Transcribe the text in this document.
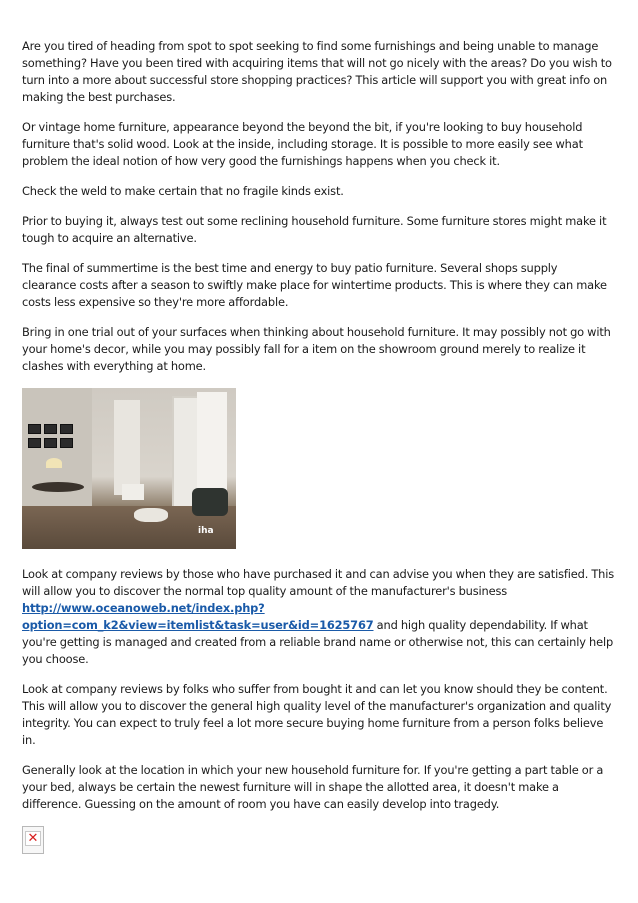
Are you tired of heading from spot to spot seeking to find some furnishings and being unable to manage something? Have you been tired with acquiring items that will not go nicely with the areas? Do you wish to turn into a more about successful store shopping practices? This article will support you with great info on making the best purchases.

Or vintage home furniture, appearance beyond the beyond the bit, if you're looking to buy household furniture that's solid wood. Look at the inside, including storage. It is possible to more easily see what problem the ideal notion of how very good the furnishings happens when you check it.

Check the weld to make certain that no fragile kinds exist.

Prior to buying it, always test out some reclining household furniture. Some furniture stores might make it tough to acquire an alternative.

The final of summertime is the best time and energy to buy patio furniture. Several shops supply clearance costs after a season to swiftly make place for wintertime products. This is where they can make costs less expensive so they're more affordable.

Bring in one trial out of your surfaces when thinking about household furniture. It may possibly not go with your home's decor, while you may possibly fall for a item on the showroom ground merely to realize it clashes with everything at home.

iha

Look at company reviews by those who have purchased it and can advise you when they are satisfied. This will allow you to discover the normal top quality amount of the manufacturer's business http://www.oceanoweb.net/index.php?option=com_k2&view=itemlist&task=user&id=1625767 and high quality dependability. If what you're getting is managed and created from a reliable brand name or otherwise not, this can certainly help you choose.

Look at company reviews by folks who suffer from bought it and can let you know should they be content. This will allow you to discover the general high quality level of the manufacturer's organization and quality integrity. You can expect to truly feel a lot more secure buying home furniture from a person folks believe in.

Generally look at the location in which your new household furniture for. If you're getting a part table or a your bed, always be certain the newest furniture will in shape the allotted area, it doesn't make a difference. Guessing on the amount of room you have can easily develop into tragedy.

✕
